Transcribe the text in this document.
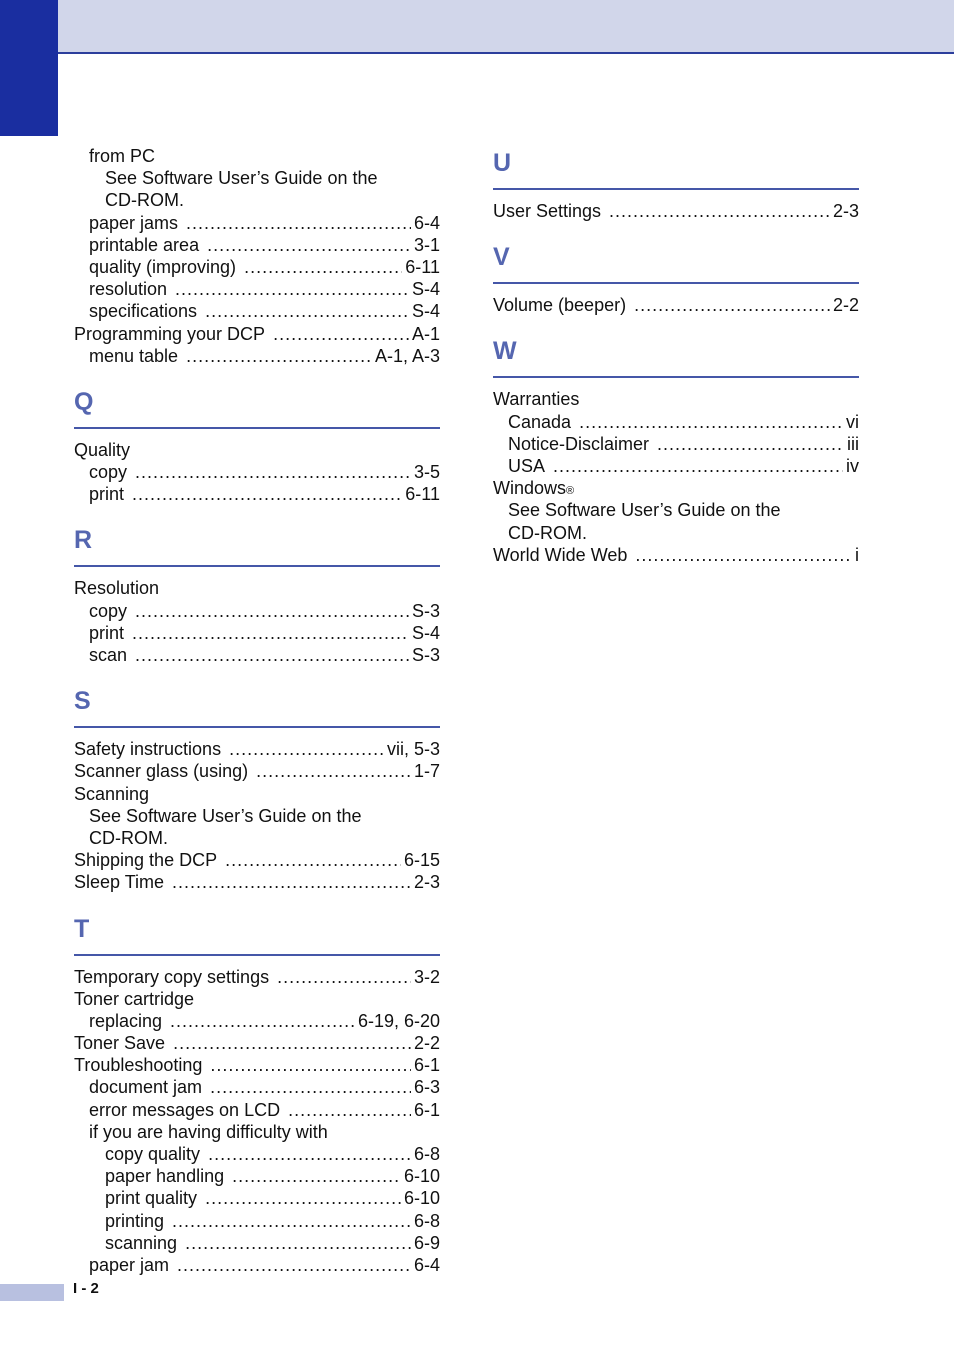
from PC
See Software User’s Guide on the
CD-ROM.
paper jams .....	6-4
printable area .....	3-1
quality (improving) .....	6-11
resolution .....	S-4
specifications .....	S-4
Programming your DCP .....	A-1
menu table .....	A-1, A-3
Q
Quality
copy .....	3-5
print .....	6-11
R
Resolution
copy .....	S-3
print .....	S-4
scan .....	S-3
S
Safety instructions .....	vii, 5-3
Scanner glass (using) .....	1-7
Scanning
See Software User’s Guide on the
CD-ROM.
Shipping the DCP .....	6-15
Sleep Time .....	2-3
T
Temporary copy settings .....	3-2
Toner cartridge
replacing .....	6-19, 6-20
Toner Save .....	2-2
Troubleshooting .....	6-1
document jam .....	6-3
error messages on LCD .....	6-1
if you are having difficulty with
copy quality .....	6-8
paper handling .....	6-10
print quality .....	6-10
printing .....	6-8
scanning .....	6-9
paper jam .....	6-4
U
User Settings .....	2-3
V
Volume (beeper) .....	2-2
W
Warranties
Canada .....	vi
Notice-Disclaimer .....	iii
USA .....	iv
Windows ®
See Software User’s Guide on the
CD-ROM.
World Wide Web .....	i
I - 2
